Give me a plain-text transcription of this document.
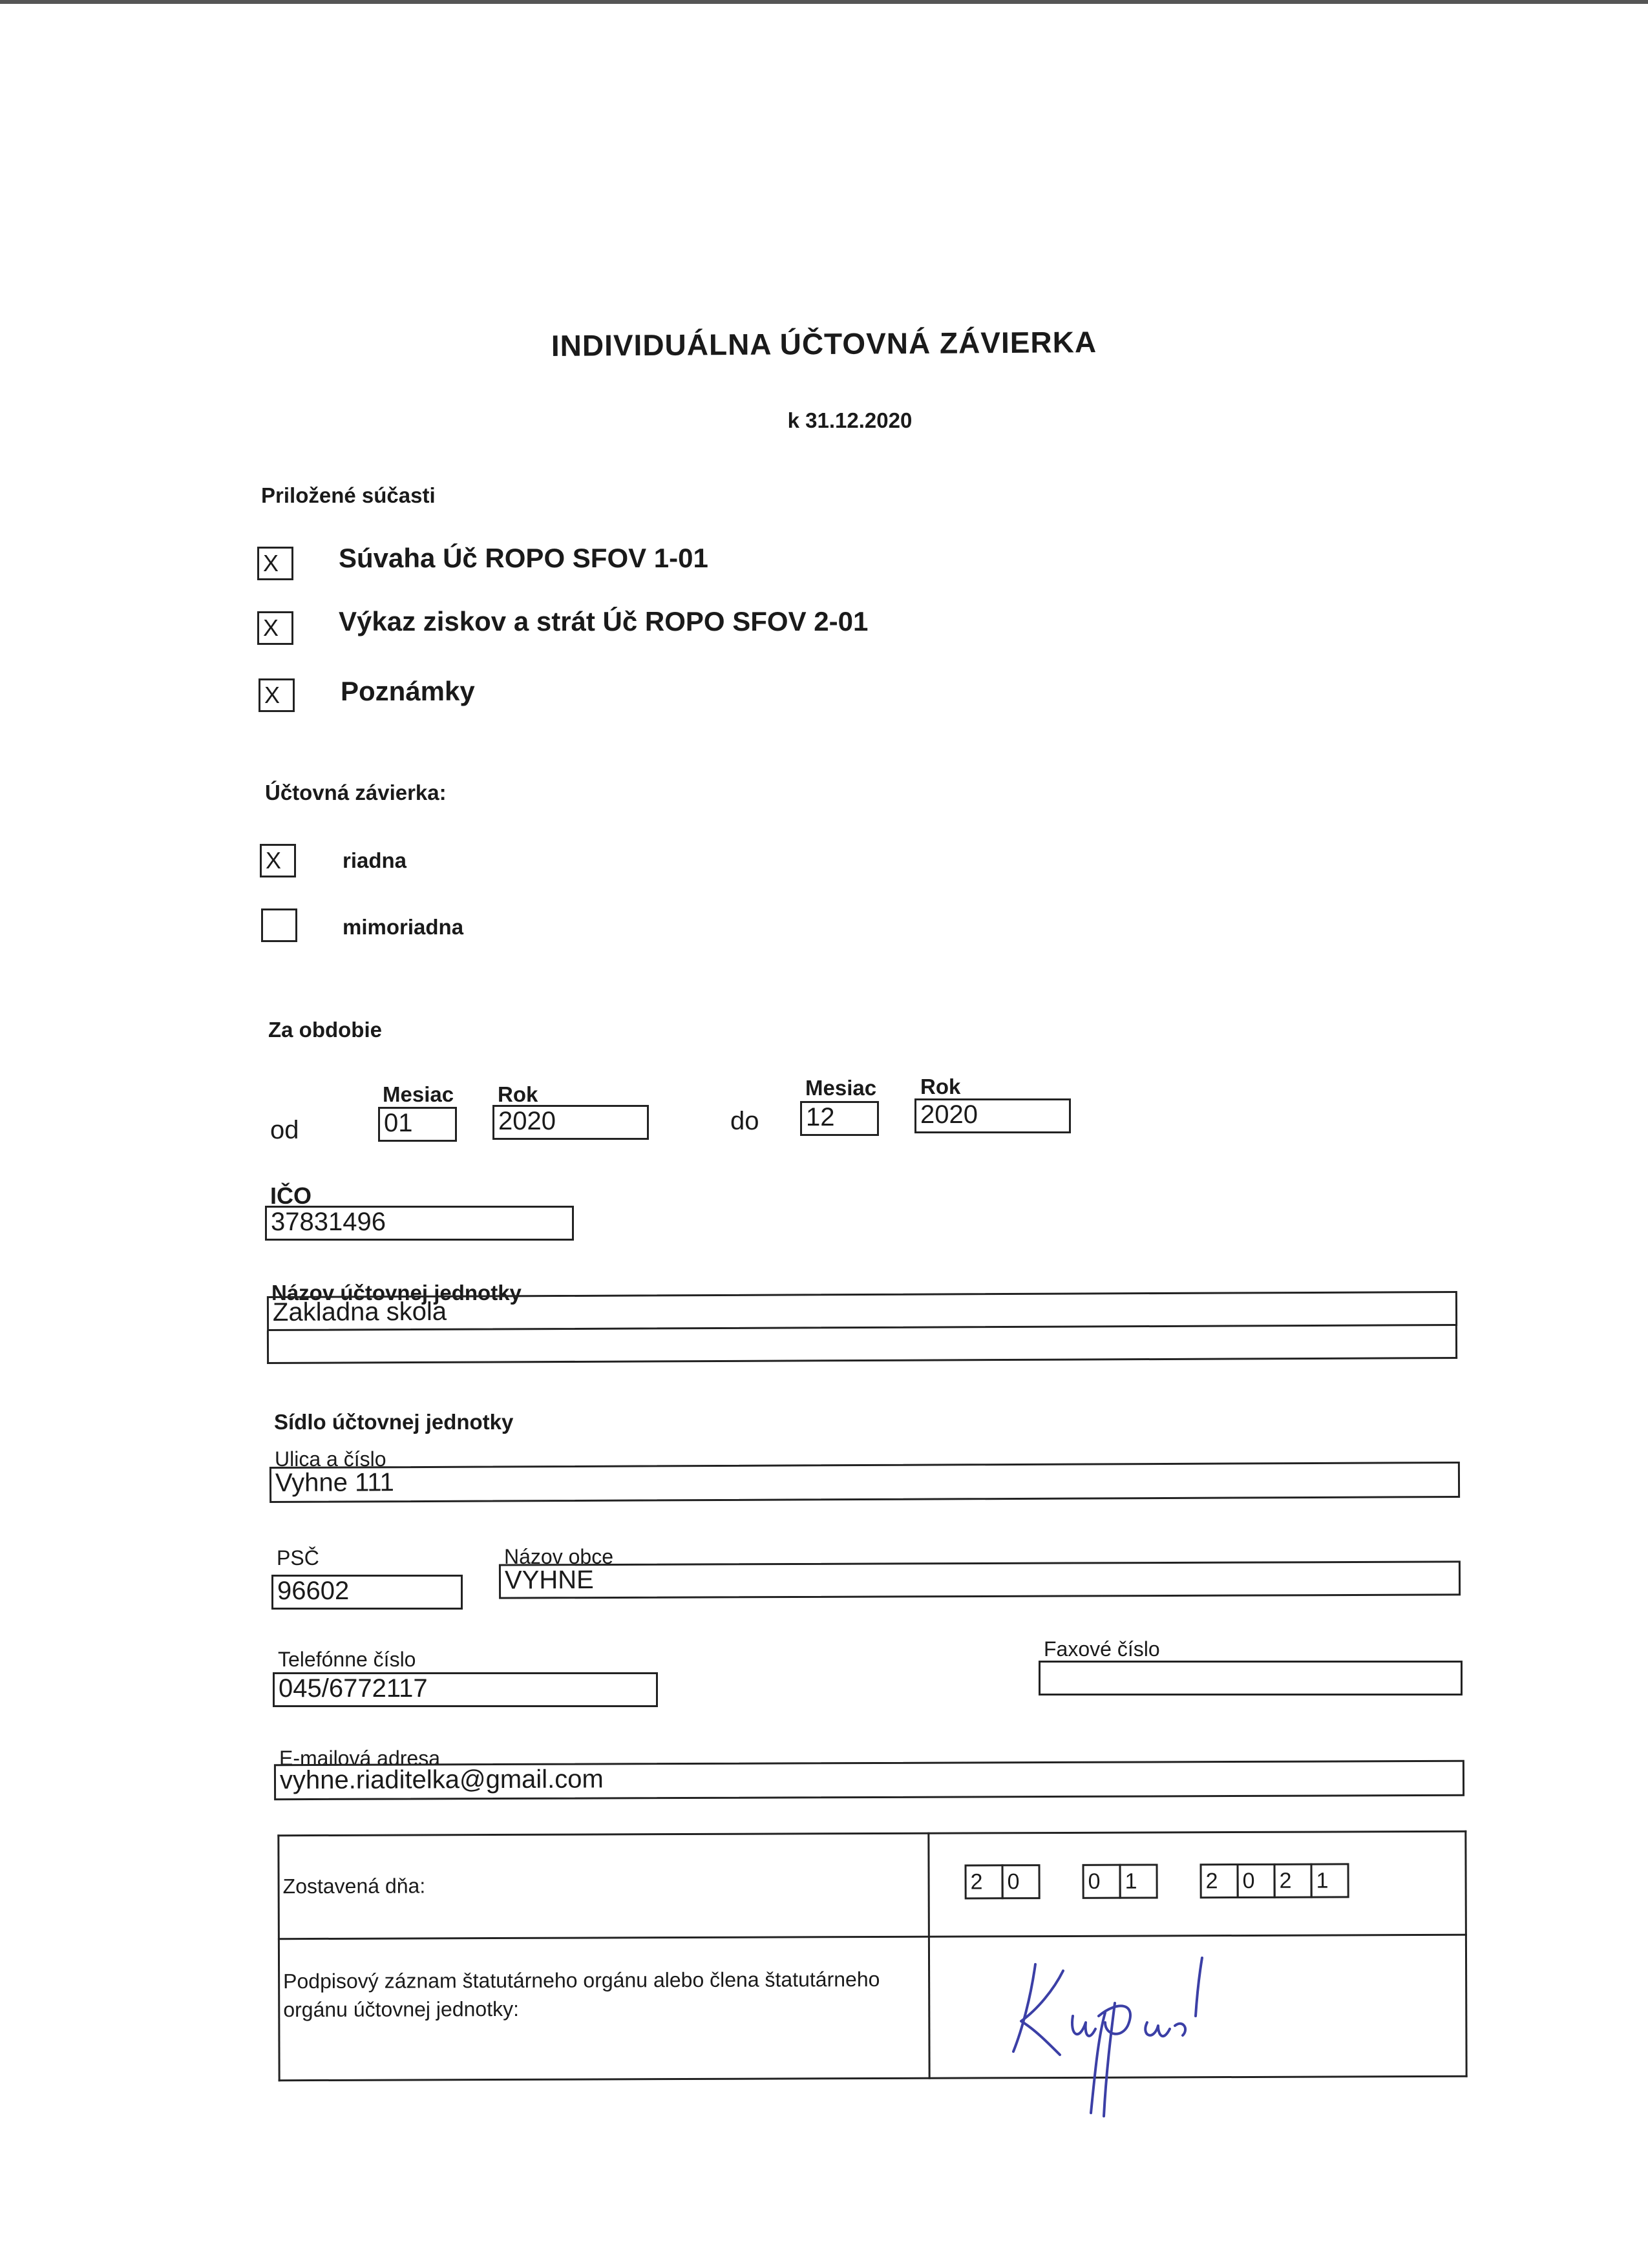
INDIVIDUÁLNA ÚČTOVNÁ ZÁVIERKA
k 31.12.2020
Priložené súčasti
X	Súvaha Úč ROPO SFOV 1-01
X	Výkaz ziskov a strát Úč ROPO SFOV 2-01
X	Poznámky
Účtovná závierka:
X	riadna
mimoriadna
Za obdobie
Mesiac Rok	Mesiac Rok
od	01	2020	do 12	2020
IČO
37831496
Názov účtovnej jednotky
Zakladna skola
Sídlo účtovnej jednotky
Ulica a číslo
Vyhne 111
PSČ
96602
Názov obce
VYHNE
Telefónne číslo
045/6772117
Faxové číslo
E-mailová adresa
vyhne.riaditelka@gmail.com
Zostavená dňa:	2	0	0	1	2	0	2	1
Podpisový záznam štatutárneho orgánu alebo člena štatutárneho orgánu účtovnej jednotky:
